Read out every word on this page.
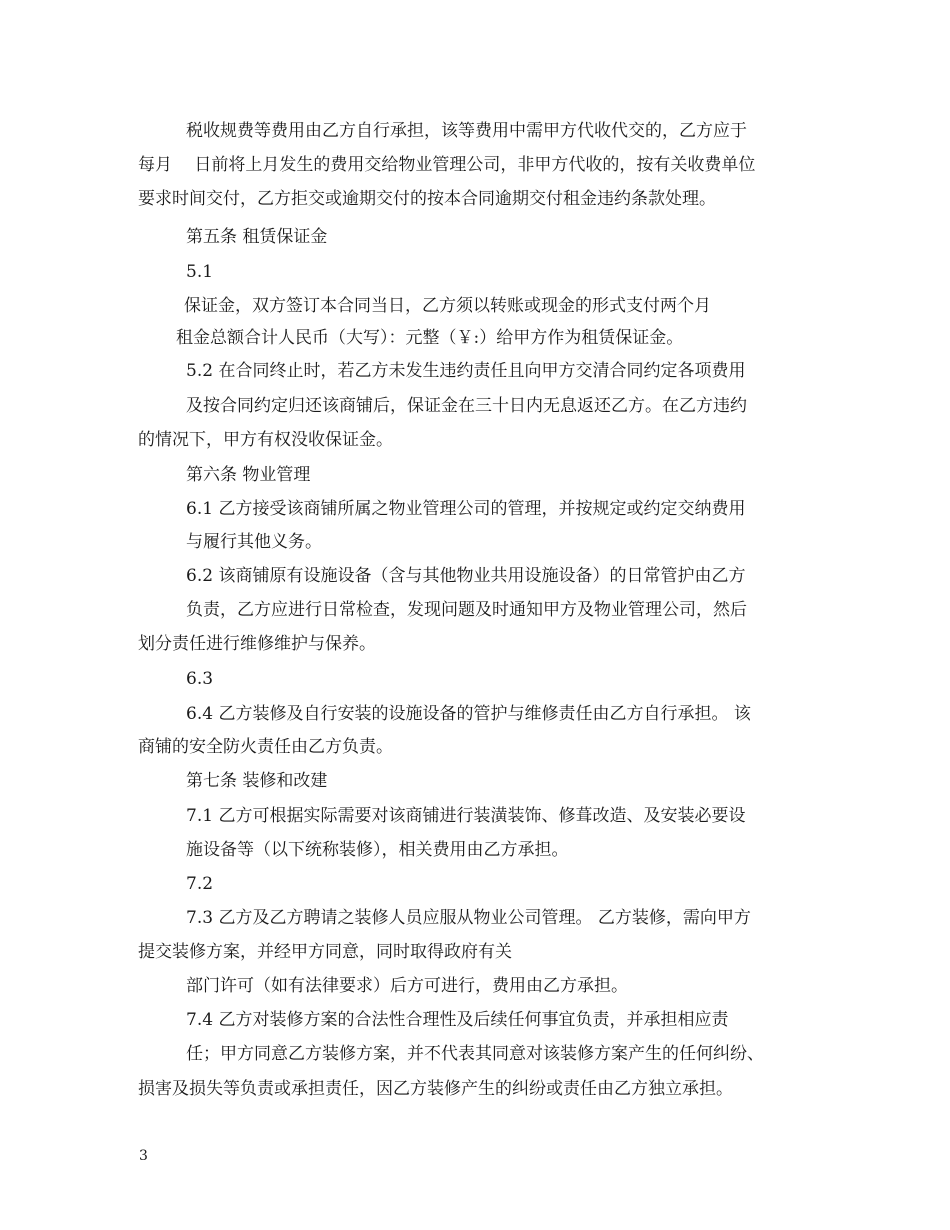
税收规费等费用由乙方自行承担，该等费用中需甲方代收代交的，乙方应于
每月　 日前将上月发生的费用交给物业管理公司，非甲方代收的，按有关收费单位
要求时间交付，乙方拒交或逾期交付的按本合同逾期交付租金违约条款处理。
第五条 租赁保证金
5.1
保证金，双方签订本合同当日，乙方须以转账或现金的形式支付两个月
租金总额合计人民币（大写）：元整（￥:）给甲方作为租赁保证金。
5.2 在合同终止时，若乙方未发生违约责任且向甲方交清合同约定各项费用
及按合同约定归还该商铺后，保证金在三十日内无息返还乙方。在乙方违约
的情况下，甲方有权没收保证金。
第六条 物业管理
6.1 乙方接受该商铺所属之物业管理公司的管理，并按规定或约定交纳费用
与履行其他义务。
6.2 该商铺原有设施设备（含与其他物业共用设施设备）的日常管护由乙方
负责，乙方应进行日常检查，发现问题及时通知甲方及物业管理公司，然后
划分责任进行维修维护与保养。
6.3
6.4 乙方装修及自行安装的设施设备的管护与维修责任由乙方自行承担。 该
商铺的安全防火责任由乙方负责。
第七条 装修和改建
7.1 乙方可根据实际需要对该商铺进行装潢装饰、修葺改造、及安装必要设
施设备等（以下统称装修），相关费用由乙方承担。
7.2
7.3 乙方及乙方聘请之装修人员应服从物业公司管理。 乙方装修，需向甲方
提交装修方案，并经甲方同意，同时取得政府有关
部门许可（如有法律要求）后方可进行，费用由乙方承担。
7.4 乙方对装修方案的合法性合理性及后续任何事宜负责，并承担相应责
任；甲方同意乙方装修方案，并不代表其同意对该装修方案产生的任何纠纷、
损害及损失等负责或承担责任，因乙方装修产生的纠纷或责任由乙方独立承担。
3
